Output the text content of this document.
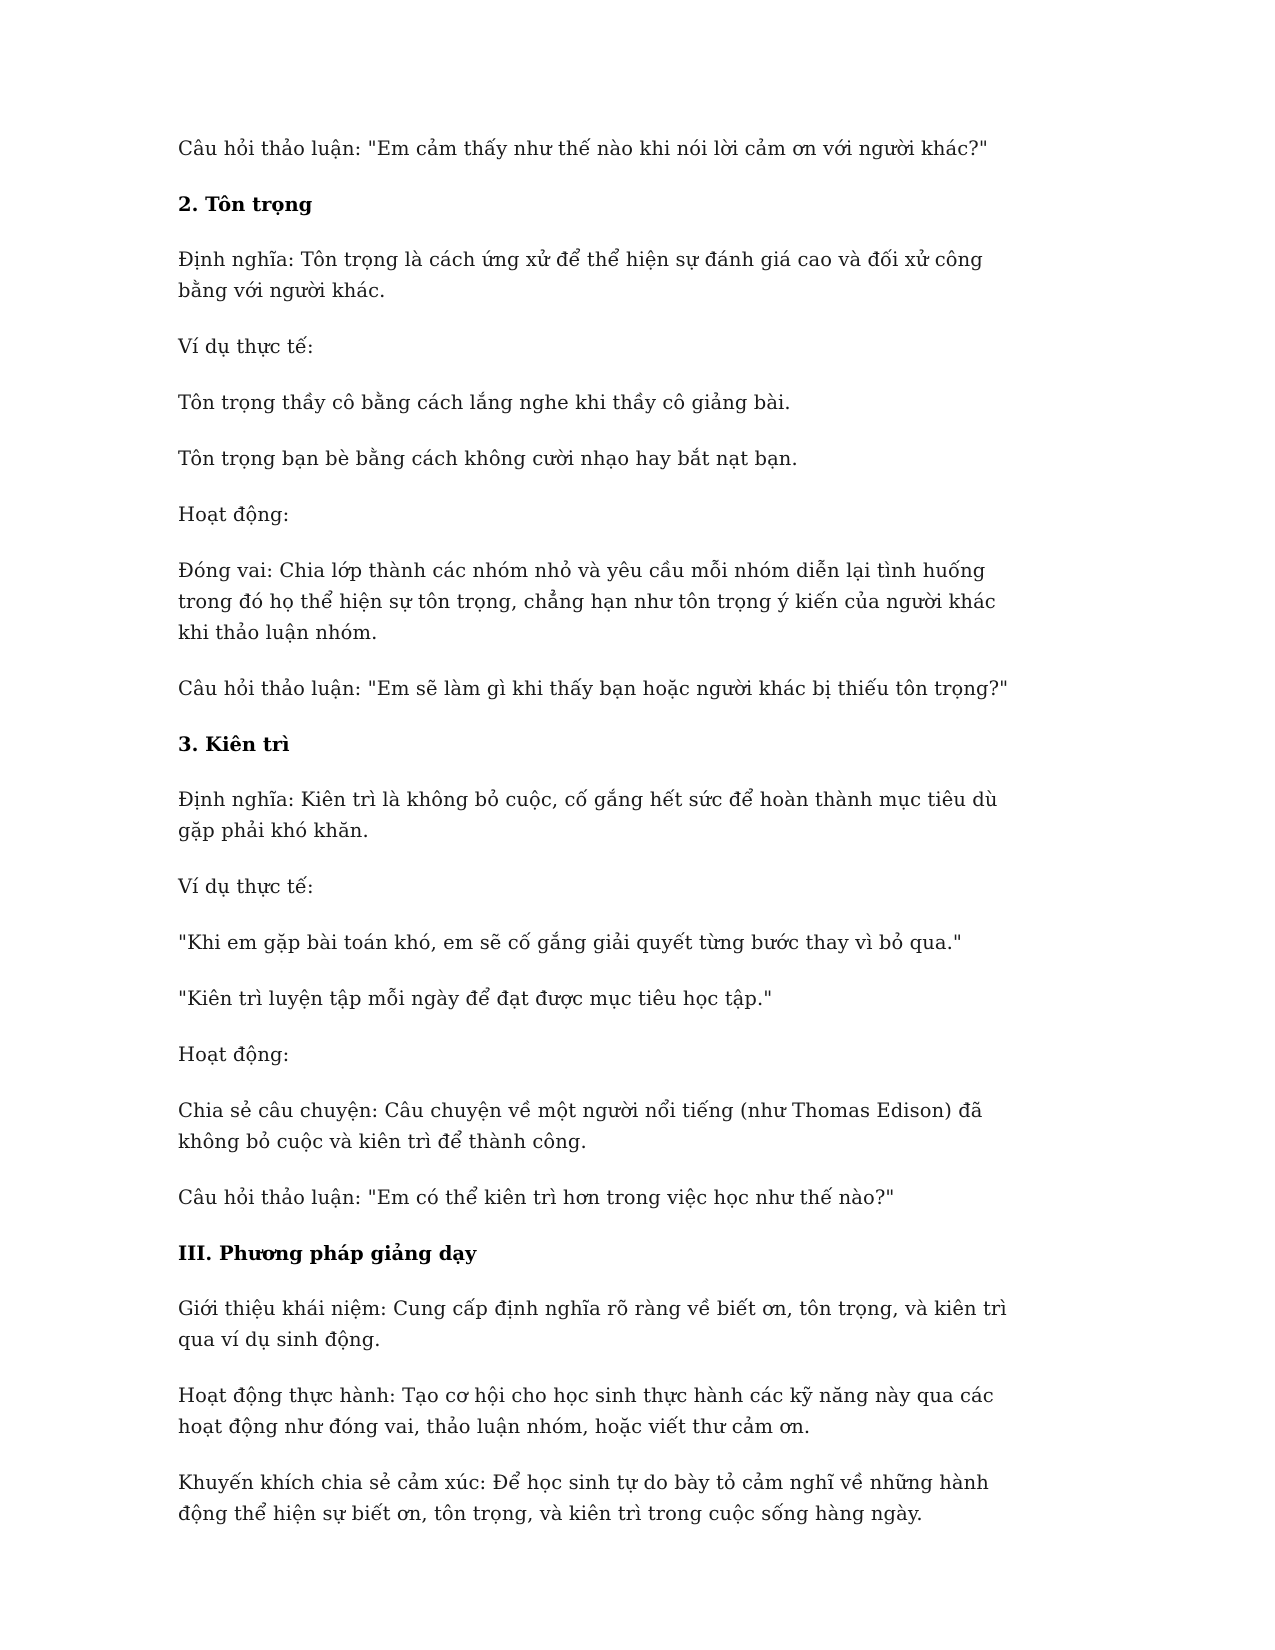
Câu hỏi thảo luận: "Em cảm thấy như thế nào khi nói lời cảm ơn với người khác?"

2. Tôn trọng

Định nghĩa: Tôn trọng là cách ứng xử để thể hiện sự đánh giá cao và đối xử công bằng với người khác.

Ví dụ thực tế:

Tôn trọng thầy cô bằng cách lắng nghe khi thầy cô giảng bài.

Tôn trọng bạn bè bằng cách không cười nhạo hay bắt nạt bạn.

Hoạt động:

Đóng vai: Chia lớp thành các nhóm nhỏ và yêu cầu mỗi nhóm diễn lại tình huống trong đó họ thể hiện sự tôn trọng, chẳng hạn như tôn trọng ý kiến của người khác khi thảo luận nhóm.

Câu hỏi thảo luận: "Em sẽ làm gì khi thấy bạn hoặc người khác bị thiếu tôn trọng?"

3. Kiên trì

Định nghĩa: Kiên trì là không bỏ cuộc, cố gắng hết sức để hoàn thành mục tiêu dù gặp phải khó khăn.

Ví dụ thực tế:

"Khi em gặp bài toán khó, em sẽ cố gắng giải quyết từng bước thay vì bỏ qua."

"Kiên trì luyện tập mỗi ngày để đạt được mục tiêu học tập."

Hoạt động:

Chia sẻ câu chuyện: Câu chuyện về một người nổi tiếng (như Thomas Edison) đã không bỏ cuộc và kiên trì để thành công.

Câu hỏi thảo luận: "Em có thể kiên trì hơn trong việc học như thế nào?"

III. Phương pháp giảng dạy

Giới thiệu khái niệm: Cung cấp định nghĩa rõ ràng về biết ơn, tôn trọng, và kiên trì qua ví dụ sinh động.

Hoạt động thực hành: Tạo cơ hội cho học sinh thực hành các kỹ năng này qua các hoạt động như đóng vai, thảo luận nhóm, hoặc viết thư cảm ơn.

Khuyến khích chia sẻ cảm xúc: Để học sinh tự do bày tỏ cảm nghĩ về những hành động thể hiện sự biết ơn, tôn trọng, và kiên trì trong cuộc sống hàng ngày.
